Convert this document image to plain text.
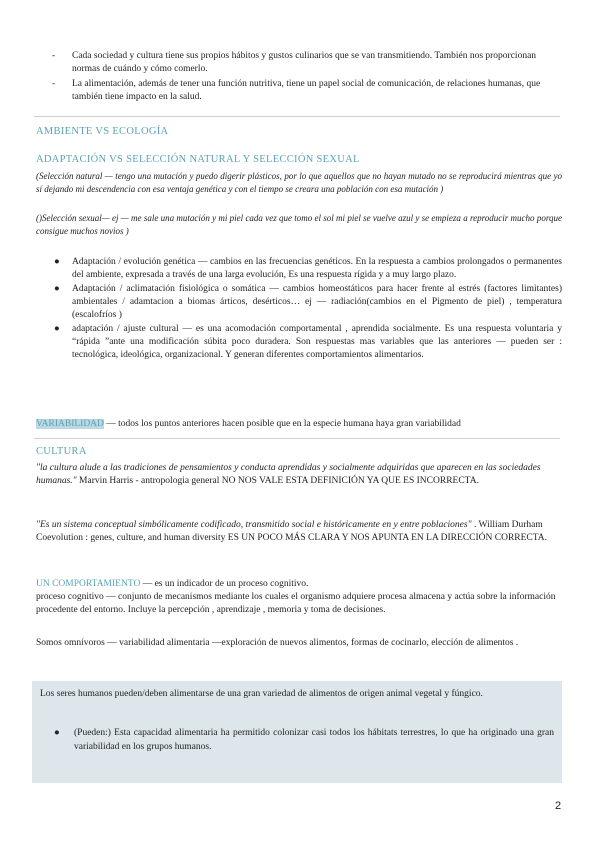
- Cada sociedad y cultura tiene sus propios hábitos y gustos culinarios que se van transmitiendo. También nos proporcionan normas de cuándo y cómo comerlo.
- La alimentación, además de tener una función nutritiva, tiene un papel social de comunicación, de relaciones humanas, que también tiene impacto en la salud.
AMBIENTE VS ECOLOGÍA
ADAPTACIÓN VS SELECCIÓN NATURAL Y SELECCIÓN SEXUAL
(Selección natural — tengo una mutación y puedo digerir plásticos, por lo que aquellos que no hayan mutado no se reproducirá mientras que yo sí dejando mi descendencia con esa ventaja genética y con el tiempo se creara una población con esa mutación )
()Selección sexual— ej — me sale una mutación y mi piel cada vez que tomo el sol mi piel se vuelve azul y se empieza a reproducir mucho porque consigue muchos novios )
● Adaptación / evolución genética — cambios en las frecuencias genéticos. En la respuesta a cambios prolongados o permanentes del ambiente, expresada a través de una larga evolución, Es una respuesta rígida y a muy largo plazo.
● Adaptación / aclimatación fisiológica o somática — cambios homeostáticos para hacer frente al estrés (factores limitantes) ambientales / adamtacion a biomas árticos, desérticos… ej — radiación(cambios en el Pigmento de piel) , temperatura (escalofríos )
● adaptación / ajuste cultural — es una acomodación comportamental , aprendida socialmente. Es una respuesta voluntaria y “rápida ”ante una modificación súbita poco duradera. Son respuestas mas variables que las anteriores — pueden ser : tecnológica, ideológica, organizacional. Y generan diferentes comportamientos alimentarios.
VARIABILIDAD — todos los puntos anteriores hacen posible que en la especie humana haya gran variabilidad
CULTURA
"la cultura alude a las tradiciones de pensamientos y conducta aprendidas y socialmente adquiridas que aparecen en las sociedades humanas." Marvin Harris - antropologia general NO NOS VALE ESTA DEFINICIÓN YA QUE ES INCORRECTA.
"Es un sistema conceptual simbólicamente codificado, transmitido social e históricamente en y entre poblaciones" . William Durham Coevolution : genes, culture, and human diversity ES UN POCO MÁS CLARA Y NOS APUNTA EN LA DIRECCIÓN CORRECTA.
UN COMPORTAMIENTO — es un indicador de un proceso cognitivo.
proceso cognitivo — conjunto de mecanismos mediante los cuales el organismo adquiere procesa almacena y actúa sobre la información procedente del entorno. Incluye la percepción , aprendizaje , memoria y toma de decisiones.
Somos omnívoros — variabilidad alimentaria —exploración de nuevos alimentos, formas de cocinarlo, elección de alimentos .
Los seres humanos pueden/deben alimentarse de una gran variedad de alimentos de origen animal vegetal y fúngico.
● (Pueden:) Esta capacidad alimentaria ha permitido colonizar casi todos los hábitats terrestres, lo que ha originado una gran variabilidad en los grupos humanos.
2
